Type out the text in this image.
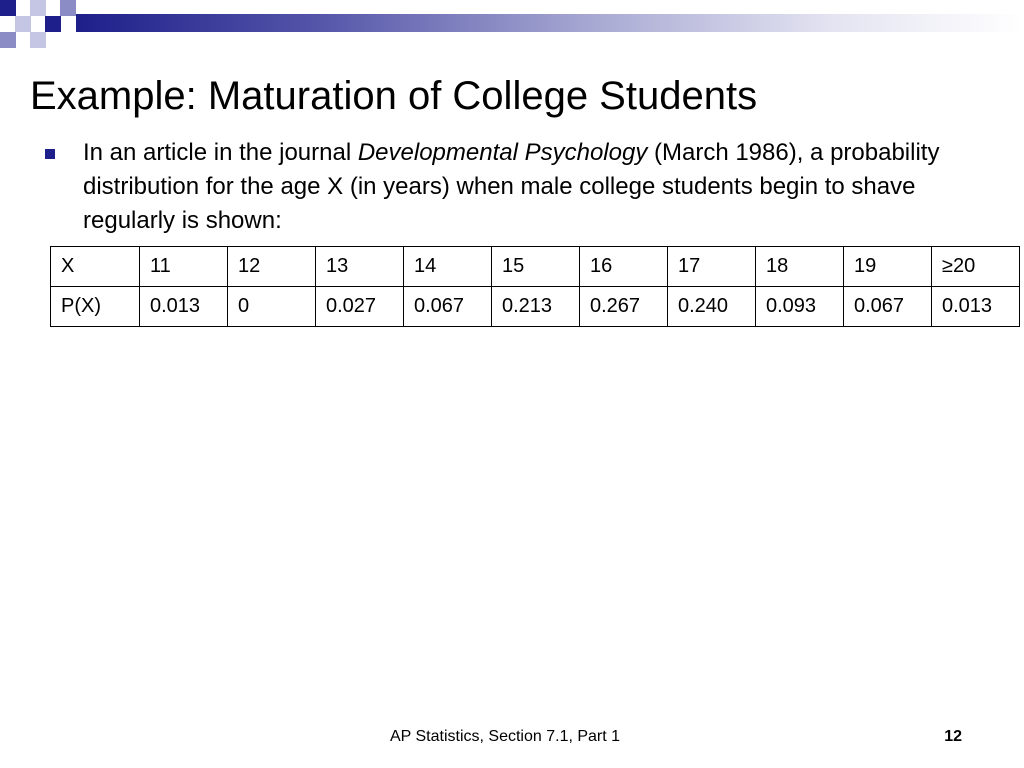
Example: Maturation of College Students
In an article in the journal Developmental Psychology (March 1986), a probability distribution for the age X (in years) when male college students begin to shave regularly is shown:
X	11	12	13	14	15	16	17	18	19	≥20
P(X)	0.013	0	0.027	0.067	0.213	0.267	0.240	0.093	0.067	0.013
AP Statistics, Section 7.1, Part 1	12
